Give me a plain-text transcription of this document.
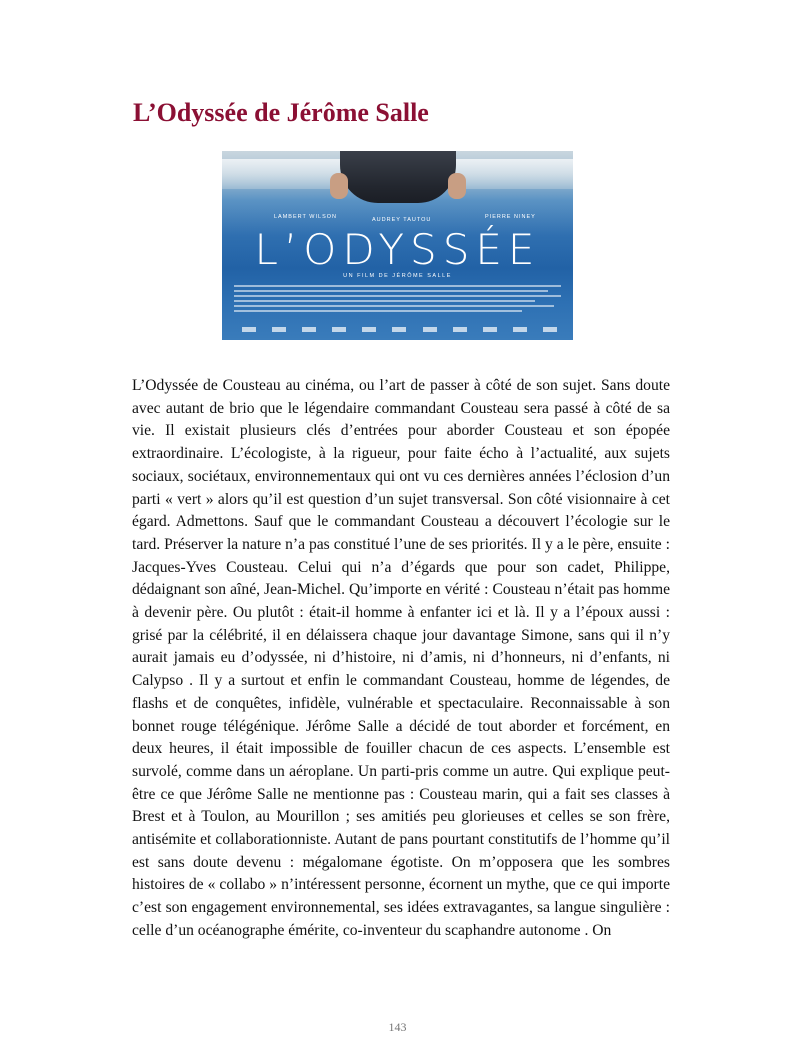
L’Odyssée de Jérôme Salle
LAMBERT WILSON	AUDREY TAUTOU	PIERRE NINEY
L’ODYSSÉE
UN FILM DE JÉRÔME SALLE

L’Odyssée de Cousteau au cinéma, ou l’art de passer à côté de son sujet. Sans doute avec autant de brio que le légendaire commandant Cousteau sera passé à côté de sa vie. Il existait plusieurs clés d’entrées pour aborder Cousteau et son épopée extraordinaire. L’écologiste, à la rigueur, pour faite écho à l’actualité, aux sujets sociaux, sociétaux, environnementaux qui ont vu ces dernières années l’éclosion d’un parti « vert » alors qu’il est question d’un sujet transversal. Son côté visionnaire à cet égard. Admettons. Sauf que le commandant Cousteau a découvert l’écologie sur le tard. Préserver la nature n’a pas constitué l’une de ses priorités. Il y a le père, ensuite : Jacques-Yves Cousteau. Celui qui n’a d’égards que pour son cadet, Philippe, dédaignant son aîné, Jean-Michel. Qu’importe en vérité : Cousteau n’était pas homme à devenir père. Ou plutôt : était-il homme à enfanter ici et là. Il y a l’époux aussi : grisé par la célébrité, il en délaissera chaque jour davantage Simone, sans qui il n’y aurait jamais eu d’odyssée, ni d’histoire, ni d’amis, ni d’honneurs, ni d’enfants, ni Calypso . Il y a surtout et enfin le commandant Cousteau, homme de légendes, de flashs et de conquêtes, infidèle, vulnérable et spectaculaire. Reconnaissable à son bonnet rouge télégénique. Jérôme Salle a décidé de tout aborder et forcément, en deux heures, il était impossible de fouiller chacun de ces aspects. L’ensemble est survolé, comme dans un aéroplane. Un parti-pris comme un autre. Qui explique peut-être ce que Jérôme Salle ne mentionne pas : Cousteau marin, qui a fait ses classes à Brest et à Toulon, au Mourillon ; ses amitiés peu glorieuses et celles se son frère, antisémite et collaborationniste. Autant de pans pourtant constitutifs de l’homme qu’il est sans doute devenu : mégalomane égotiste. On m’opposera que les sombres histoires de « collabo » n’intéressent personne, écornent un mythe, que ce qui importe c’est son engagement environnemental, ses idées extravagantes, sa langue singulière : celle d’un océanographe émérite, co-inventeur du scaphandre autonome . On

143
